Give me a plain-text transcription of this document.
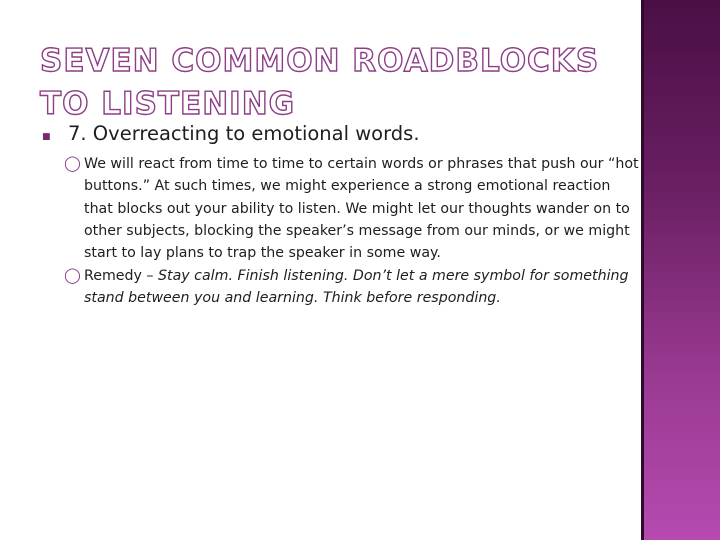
SEVEN COMMON ROADBLOCKS TO LISTENING
■ 7. Overreacting to emotional words.
◯ We will react from time to time to certain words or phrases that push our “hot buttons.” At such times, we might experience a strong emotional reaction that blocks out your ability to listen. We might let our thoughts wander on to other subjects, blocking the speaker’s message from our minds, or we might start to lay plans to trap the speaker in some way.

◯ Remedy – Stay calm. Finish listening. Don’t let a mere symbol for something stand between you and learning. Think before responding.
